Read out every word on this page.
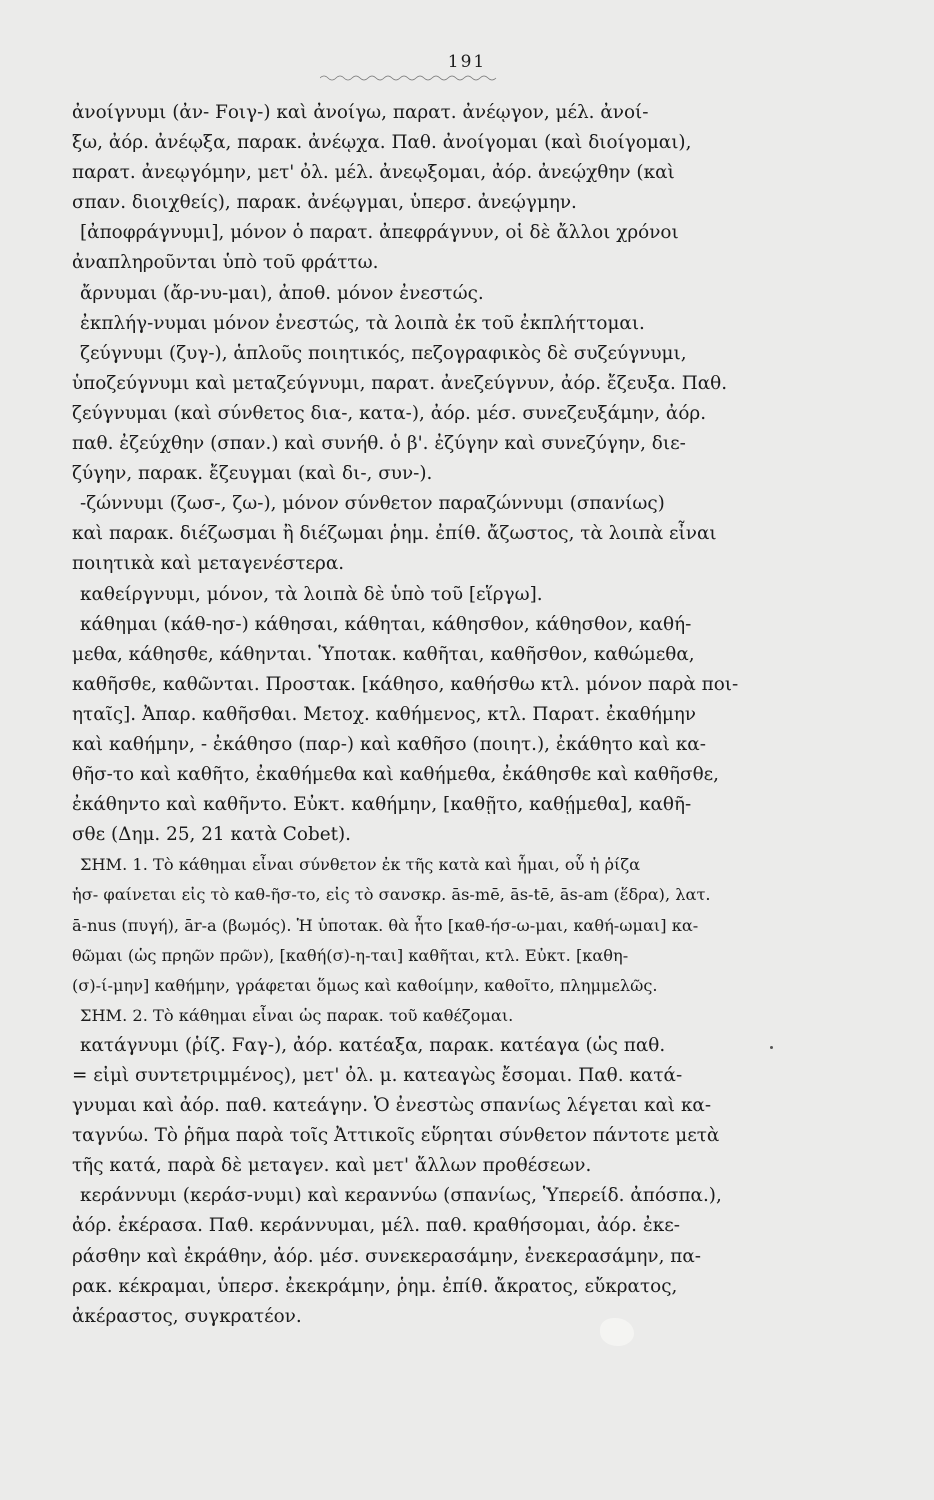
191
ἀνοίγνυμι (ἀν- Fοιγ-) καὶ ἀνοίγω, παρατ. ἀνέῳγον, μέλ. ἀνοί-
ξω, ἀόρ. ἀνέῳξα, παρακ. ἀνέῳχα. Παθ. ἀνοίγομαι (καὶ διοίγομαι),
παρατ. ἀνεῳγόμην, μετ' ὀλ. μέλ. ἀνεῳξομαι, ἀόρ. ἀνεῴχθην (καὶ
σπαν. διοιχθείς), παρακ. ἀνέῳγμαι, ὑπερσ. ἀνεῴγμην.
[ἀποφράγνυμι], μόνον ὁ παρατ. ἀπεφράγνυν, οἱ δὲ ἄλλοι χρόνοι
ἀναπληροῦνται ὑπὸ τοῦ φράττω.
ἄρνυμαι (ἄρ-νυ-μαι), ἀποθ. μόνον ἐνεστώς.
ἐκπλήγ-νυμαι μόνον ἐνεστώς, τὰ λοιπὰ ἐκ τοῦ ἐκπλήττομαι.
ζεύγνυμι (ζυγ-), ἁπλοῦς ποιητικός, πεζογραφικὸς δὲ συζεύγνυμι,
ὑποζεύγνυμι καὶ μεταζεύγνυμι, παρατ. ἀνεζεύγνυν, ἀόρ. ἔζευξα. Παθ.
ζεύγνυμαι (καὶ σύνθετος δια-, κατα-), ἀόρ. μέσ. συνεζευξάμην, ἀόρ.
παθ. ἐζεύχθην (σπαν.) καὶ συνήθ. ὁ β'. ἐζύγην καὶ συνεζύγην, διε-
ζύγην, παρακ. ἔζευγμαι (καὶ δι-, συν-).
-ζώννυμι (ζωσ-, ζω-), μόνον σύνθετον παραζώννυμι (σπανίως)
καὶ παρακ. διέζωσμαι ἢ διέζωμαι ῥημ. ἐπίθ. ἄζωστος, τὰ λοιπὰ εἶναι
ποιητικὰ καὶ μεταγενέστερα.
καθείργνυμι, μόνον, τὰ λοιπὰ δὲ ὑπὸ τοῦ [εἵργω].
κάθημαι (κάθ-ησ-) κάθησαι, κάθηται, κάθησθον, κάθησθον, καθή-
μεθα, κάθησθε, κάθηνται. Ὑποτακ. καθῆται, καθῆσθον, καθώμεθα,
καθῆσθε, καθῶνται. Προστακ. [κάθησο, καθήσθω κτλ. μόνον παρὰ ποι-
ηταῖς]. Ἀπαρ. καθῆσθαι. Μετοχ. καθήμενος, κτλ. Παρατ. ἐκαθήμην
καὶ καθήμην, - ἐκάθησο (παρ-) καὶ καθῆσο (ποιητ.), ἐκάθητο καὶ κα-
θῆσ-το καὶ καθῆτο, ἐκαθήμεθα καὶ καθήμεθα, ἐκάθησθε καὶ καθῆσθε,
ἐκάθηντο καὶ καθῆντο. Εὐκτ. καθήμην, [καθῇτο, καθῄμεθα], καθῆ-
σθε (Δημ. 25, 21 κατὰ Cobet).
ΣΗΜ. 1. Τὸ κάθημαι εἶναι σύνθετον ἐκ τῆς κατὰ καὶ ἧμαι, οὗ ἡ ῥίζα
ἡσ- φαίνεται εἰς τὸ καθ-ῆσ-το, εἰς τὸ σανσκρ. ās-mē, ās-tē, ās-am (ἕδρα), λατ.
ā-nus (πυγή), ār-a (βωμός). Ἡ ὑποτακ. θὰ ἦτο [καθ-ήσ-ω-μαι, καθή-ωμαι] κα-
θῶμαι (ὡς πρηῶν πρῶν), [καθή(σ)-η-ται] καθῆται, κτλ. Εὐκτ. [καθη-
(σ)-ί-μην] καθήμην, γράφεται ὅμως καὶ καθοίμην, καθοῖτο, πλημμελῶς.
ΣΗΜ. 2. Τὸ κάθημαι εἶναι ὡς παρακ. τοῦ καθέζομαι.
κατάγνυμι (ῥίζ. Fαγ-), ἀόρ. κατέαξα, παρακ. κατέαγα (ὡς παθ.
= εἰμὶ συντετριμμένος), μετ' ὀλ. μ. κατεαγὼς ἔσομαι. Παθ. κατά-
γνυμαι καὶ ἀόρ. παθ. κατεάγην. Ὁ ἐνεστὼς σπανίως λέγεται καὶ κα-
ταγνύω. Τὸ ῥῆμα παρὰ τοῖς Ἀττικοῖς εὕρηται σύνθετον πάντοτε μετὰ
τῆς κατά, παρὰ δὲ μεταγεν. καὶ μετ' ἄλλων προθέσεων.
κεράννυμι (κεράσ-νυμι) καὶ κεραννύω (σπανίως, Ὑπερείδ. ἀπόσπα.),
ἀόρ. ἐκέρασα. Παθ. κεράννυμαι, μέλ. παθ. κραθήσομαι, ἀόρ. ἐκε-
ράσθην καὶ ἐκράθην, ἀόρ. μέσ. συνεκερασάμην, ἐνεκερασάμην, πα-
ρακ. κέκραμαι, ὑπερσ. ἐκεκράμην, ῥημ. ἐπίθ. ἄκρατος, εὔκρατος,
ἀκέραστος, συγκρατέον.
